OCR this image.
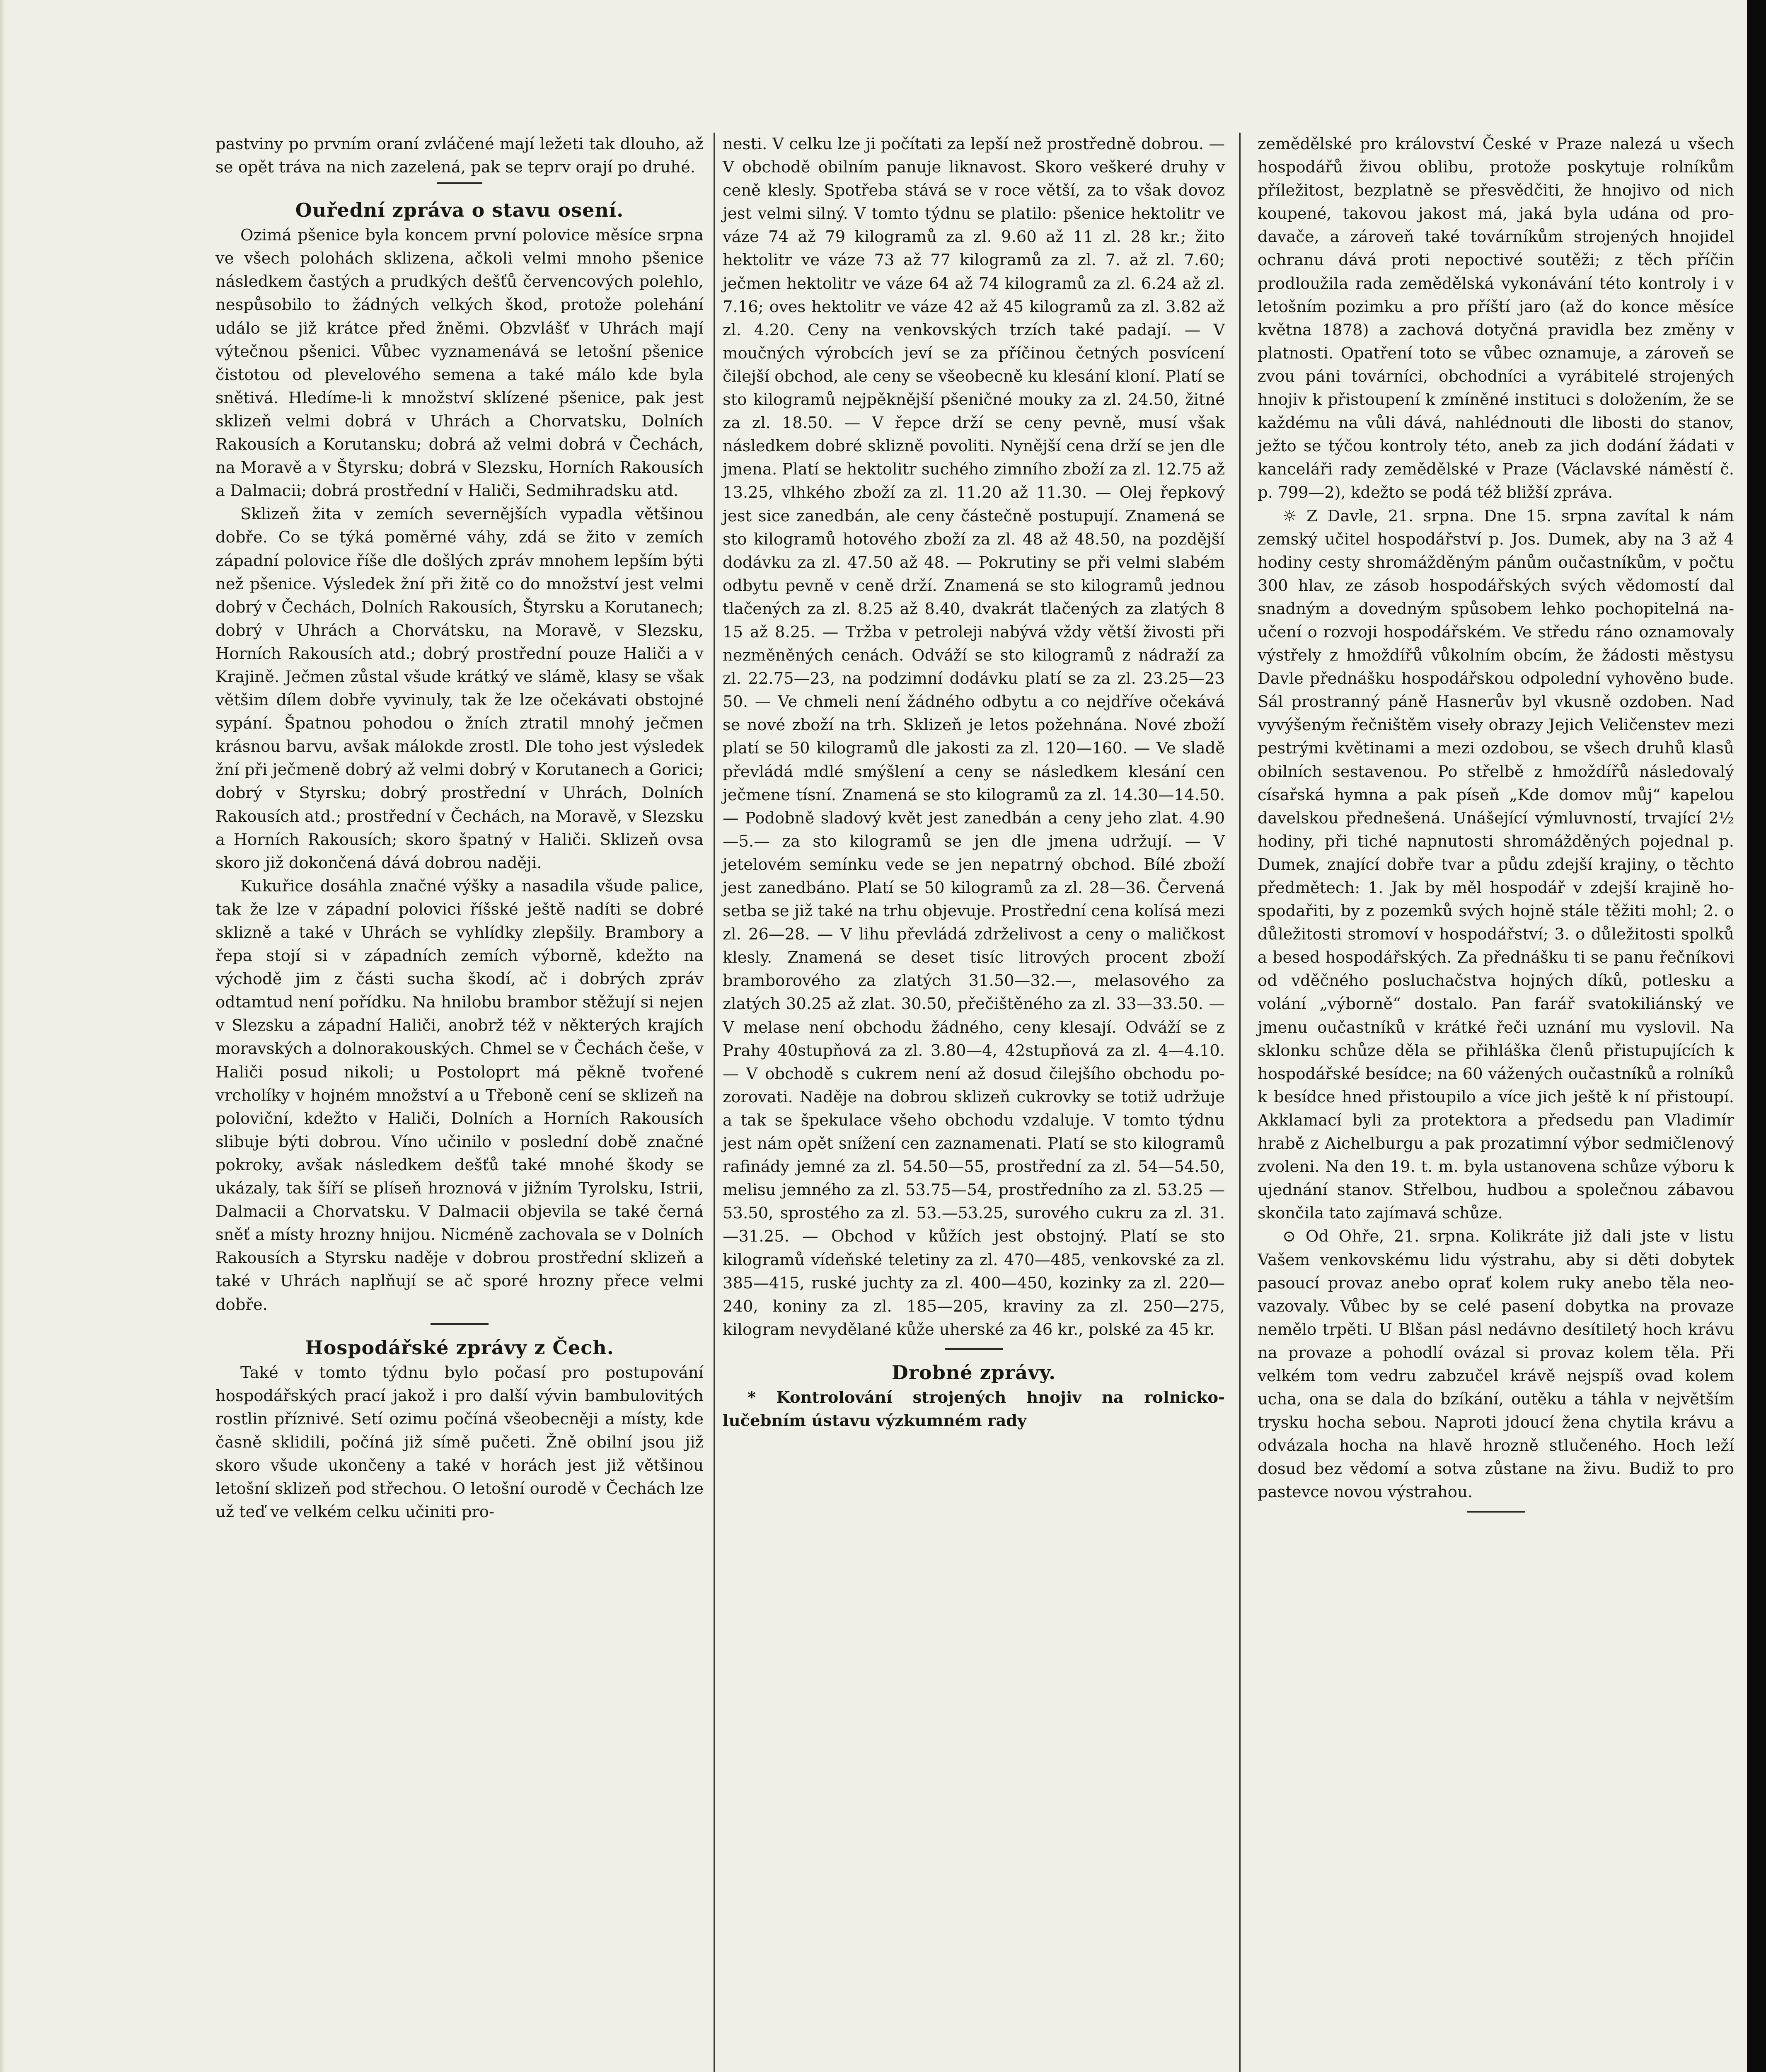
pastviny po prvním oraní zvláčené mají ležeti tak dlouho, až se opět tráva na nich zazelená, pak se teprv orají po druhé.

Ouřední zpráva o stavu osení.

Ozimá pšenice byla koncem první polovice měsíce srpna ve všech polohách sklizena, ačkoli velmi mnoho pšenice následkem častých a prudkých dešťů červencových polehlo, nespůsobilo to žádných velkých škod, protože polehání událo se již krátce před žněmi. Obzvlášť v Uhrách mají výtečnou pšenici. Vůbec vyznamenává se letošní pšenice čistotou od plevelového semena a také málo kde byla snětivá. Hledíme-li k množství sklízené pšenice, pak jest sklizeň velmi dobrá v Uhrách a Chorvatsku, Dolních Rakousích a Korutansku; dobrá až velmi dobrá v Čechách, na Moravě a v Štyrsku; dobrá v Slezsku, Horních Rakousích a Dalmacii; dobrá prostřední v Haliči, Sedmihradsku atd.

Sklizeň žita v zemích severnějších vypadla většinou dobře. Co se týká poměrné váhy, zdá se žito v zemích západní polovice říše dle došlých zpráv mnohem lepším býti než pšenice. Výsledek žní při žitě co do množství jest velmi dobrý v Čechách, Dolních Rakousích, Štyrsku a Korutanech; dobrý v Uhrách a Chorvátsku, na Moravě, v Slezsku, Horních Rakousích atd.; dobrý prostřední pouze Haliči a v Krajině. Ječmen zůstal všude krátký ve slámě, klasy se však většim dílem dobře vyvinuly, tak že lze očekávati obstojné sypání. Špatnou pohodou o žních ztratil mnohý ječmen krásnou barvu, avšak málokde zrostl. Dle toho jest výsledek žní při ječmeně dobrý až velmi dobrý v Korutanech a Gorici; dobrý v Styrsku; dobrý prostřední v Uhrách, Dolních Rakousích atd.; prostřední v Čechách, na Moravě, v Slezsku a Horních Rakousích; skoro špatný v Haliči. Sklizeň ovsa skoro již dokončená dává dobrou naději.

Kukuřice dosáhla značné výšky a nasadila všude palice, tak že lze v západní polovici říšské ještě nadíti se dobré sklizně a také v Uhrách se vyhlídky zlepšily. Brambory a řepa stojí si v západních zemích výborně, kdežto na východě jim z části sucha škodí, ač i dobrých zpráv odtamtud není pořídku. Na hnilobu brambor stěžují si nejen v Slezsku a západní Haliči, anobrž též v některých krajích moravských a dolnorakouských. Chmel se v Čechách češe, v Haliči posud nikoli; u Postoloprt má pěkně tvořené vrcholíky v hojném množství a u Třeboně cení se sklizeň na poloviční, kdežto v Haliči, Dolních a Horních Rakousích slibuje býti dobrou. Víno učinilo v poslední době značné pokroky, avšak následkem dešťů také mnohé škody se ukázaly, tak šíří se plíseň hroznová v jižním Tyrolsku, Istrii, Dalmacii a Chorvatsku. V Dalmacii objevila se také černá sněť a místy hrozny hnijou. Nicméně zachovala se v Dolních Rakousích a Styrsku naděje v dobrou prostřední sklizeň a také v Uhrách naplňují se ač sporé hrozny přece velmi dobře.

Hospodářské zprávy z Čech.

Také v tomto týdnu bylo počasí pro postupování hospodářských prací jakož i pro další vývin bambulovitých rostlin příznivé. Setí ozimu počíná všeobecněji a místy, kde časně sklidili, počíná již símě pučeti. Žně obilní jsou již skoro všude ukončeny a také v horách jest již většinou letošní sklizeň pod střechou. O letošní ourodě v Čechách lze už teď ve velkém celku učiniti pro-

nesti. V celku lze ji počítati za lepší než prostředně dobrou. — V obchodě obilním panuje liknavost. Skoro veškeré druhy v ceně klesly. Spotřeba stává se v roce větší, za to však dovoz jest velmi silný. V tomto týdnu se platilo: pšenice hektolitr ve váze 74 až 79 kilogramů za zl. 9.60 až 11 zl. 28 kr.; žito hektolitr ve váze 73 až 77 kilogramů za zl. 7. až zl. 7.60; ječmen hektolitr ve váze 64 až 74 kilogramů za zl. 6.24 až zl. 7.16; oves hektolitr ve váze 42 až 45 kilogramů za zl. 3.82 až zl. 4.20. Ceny na venkovských trzích také padají. — V moučných výrobcích jeví se za příčinou četných posvícení čilejší obchod, ale ceny se všeobecně ku klesání kloní. Platí se sto kilogramů nejpěknější pšeničné mouky za zl. 24.50, žitné za zl. 18.50. — V řepce drží se ceny pevně, musí však následkem dobré sklizně povoliti. Nynější cena drží se jen dle jmena. Platí se hektolitr suchého zimního zboží za zl. 12.75 až 13.25, vlhkého zboží za zl. 11.20 až 11.30. — Olej řepkový jest sice zanedbán, ale ceny částečně postupují. Znamená se sto kilogramů hotového zboží za zl. 48 až 48.50, na pozdější dodávku za zl. 47.50 až 48. — Pokrutiny se při velmi slabém odbytu pevně v ceně drží. Znamená se sto kilogramů jednou tlačených za zl. 8.25 až 8.40, dvakrát tlačených za zlatých 8 15 až 8.25. — Tržba v petroleji nabývá vždy větší živosti při nezměněných cenách. Odváží se sto kilogramů z nádraží za zl. 22.75—23, na podzimní dodávku platí se za zl. 23.25—23 50. — Ve chmeli není žádného odbytu a co nejdříve očekává se nové zboží na trh. Sklizeň je letos požehnána. Nové zboží platí se 50 kilogramů dle jakosti za zl. 120—160. — Ve sladě převládá mdlé smýšlení a ceny se následkem klesání cen ječmene tísní. Znamená se sto kilogramů za zl. 14.30—14.50. — Podobně sladový květ jest zanedbán a ceny jeho zlat. 4.90—5.— za sto kilogramů se jen dle jmena udržují. — V jetelovém semínku vede se jen nepatrný obchod. Bílé zboží jest zanedbáno. Platí se 50 kilogramů za zl. 28—36. Červená setba se již také na trhu objevuje. Prostřední cena kolísá mezi zl. 26—28. — V lihu převládá zdrželivost a ceny o maličkost klesly. Znamená se deset tisíc litrových procent zboží bramborového za zlatých 31.50—32.—, melasového za zlatých 30.25 až zlat. 30.50, přečištěného za zl. 33—33.50. — V melase není obchodu žádného, ceny klesají. Odváží se z Prahy 40stupňová za zl. 3.80—4, 42stupňová za zl. 4—4.10. — V obchodě s cukrem není až dosud čilejšího obchodu pozorovati. Naděje na dobrou sklizeň cukrovky se totiž udržuje a tak se špekulace všeho obchodu vzdaluje. V tomto týdnu jest nám opět snížení cen zaznamenati. Platí se sto kilogramů rafinády jemné za zl. 54.50—55, prostřední za zl. 54—54.50, melisu jemného za zl. 53.75—54, prostředního za zl. 53.25 —53.50, sprostého za zl. 53.—53.25, surového cukru za zl. 31.—31.25. — Obchod v kůžích jest obstojný. Platí se sto kilogramů vídeňské teletiny za zl. 470—485, venkovské za zl. 385—415, ruské juchty za zl. 400—450, kozinky za zl. 220—240, koniny za zl. 185—205, kraviny za zl. 250—275, kilogram nevydělané kůže uherské za 46 kr., polské za 45 kr.

Drobné zprávy.

* Kontrolování strojených hnojiv na rolnicko-lučebním ústavu výzkumném rady

zemědělské pro království České v Praze nalezá u všech hospodářů živou oblibu, protože poskytuje rolníkům příležitost, bezplatně se přesvědčiti, že hnojivo od nich koupené, takovou jakost má, jaká byla udána od prodavače, a zároveň také továrníkům strojených hnojidel ochranu dává proti nepoctivé soutěži; z těch příčin prodloužila rada zemědělská vykonávání této kontroly i v letošním pozimku a pro příští jaro (až do konce měsíce května 1878) a zachová dotyčná pravidla bez změny v platnosti. Opatření toto se vůbec oznamuje, a zároveň se zvou páni továrníci, obchodníci a vyrábitelé strojených hnojiv k přistoupení k zmíněné instituci s doložením, že se každému na vůli dává, nahlédnouti dle libosti do stanov, ježto se týčou kontroly této, aneb za jich dodání žádati v kanceláři rady zemědělské v Praze (Václavské náměstí č. p. 799—2), kdežto se podá též bližší zpráva.

☼ Z Davle, 21. srpna. Dne 15. srpna zavítal k nám zemský učitel hospodářství p. Jos. Dumek, aby na 3 až 4 hodiny cesty shromážděným pánům oučastníkům, v počtu 300 hlav, ze zásob hospodářských svých vědomostí dal snadným a dovedným spůsobem lehko pochopitelná naučení o rozvoji hospodářském. Ve středu ráno oznamovaly výstřely z hmoždířů vůkolním obcím, že žádosti městysu Davle přednášku hospodářskou odpolední vyhověno bude. Sál prostranný páně Hasnerův byl vkusně ozdoben. Nad vyvýšeným řečništěm viseły obrazy Jejich Veličenstev mezi pestrými květinami a mezi ozdobou, se všech druhů klasů obilních sestavenou. Po střelbě z hmoždířů následovalý císařská hymna a pak píseň „Kde domov můj“ kapelou davelskou přednešená. Unášející výmluvností, trvající 2½ hodiny, při tiché napnutosti shromážděných pojednal p. Dumek, znající dobře tvar a půdu zdejší krajiny, o těchto předmětech: 1. Jak by měl hospodář v zdejší krajině hospodařiti, by z pozemků svých hojně stále těžiti mohl; 2. o důležitosti stromoví v hospodářství; 3. o důležitosti spolků a besed hospodářských. Za přednášku ti se panu řečníkovi od vděčného posluchačstva hojných díků, potlesku a volání „výborně“ dostalo. Pan farář svatokiliánský ve jmenu oučastníků v krátké řeči uznání mu vyslovil. Na sklonku schůze děla se přihláška členů přistupujících k hospodářské besídce; na 60 vážených oučastníků a rolníků k besídce hned přistoupilo a více jich ještě k ní přistoupí. Akklamací byli za protektora a předsedu pan Vladimír hrabě z Aichelburgu a pak prozatimní výbor sedmičlenový zvoleni. Na den 19. t. m. byla ustanovena schůze výboru k ujednání stanov. Střelbou, hudbou a společnou zábavou skončila tato zajímavá schůze.

⊙ Od Ohře, 21. srpna. Kolikráte již dali jste v listu Vašem venkovskému lidu výstrahu, aby si děti dobytek pasoucí provaz anebo oprať kolem ruky anebo těla neovazovaly. Vůbec by se celé pasení dobytka na provaze nemělo trpěti. U Blšan pásl nedávno desítiletý hoch krávu na provaze a pohodlí ovázal si provaz kolem těla. Při velkém tom vedru zabzučel krávě nejspíš ovad kolem ucha, ona se dala do bzíkání, outěku a táhla v největším trysku hocha sebou. Naproti jdoucí žena chytila krávu a odvázala hocha na hlavě hrozně stlučeného. Hoch leží dosud bez vědomí a sotva zůstane na živu. Budiž to pro pastevce novou výstrahou.
